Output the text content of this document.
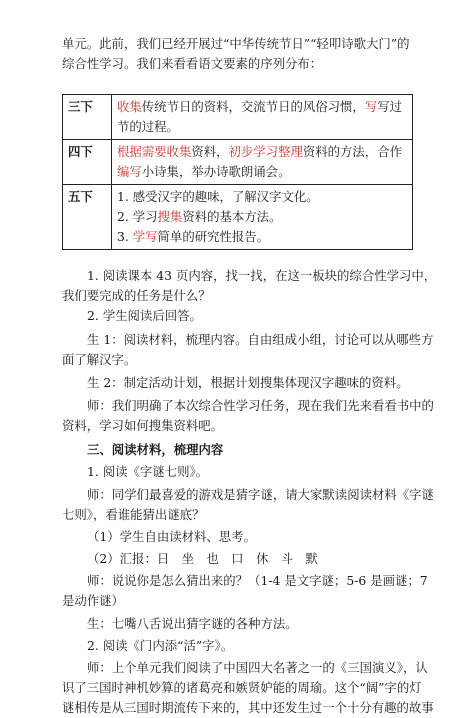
单元。此前，我们已经开展过“中华传统节日”“轻叩诗歌大门”的
综合性学习。我们来看看语文要素的序列分布：
三下	收集传统节日的资料，交流节日的风俗习惯，写写过节的过程。
四下	根据需要收集资料，初步学习整理资料的方法，合作编写小诗集，举办诗歌朗诵会。
五下	1. 感受汉字的趣味，了解汉字文化。
2. 学习搜集资料的基本方法。
3. 学写简单的研究性报告。
1. 阅读课本 43 页内容，找一找，在这一板块的综合性学习中，
我们要完成的任务是什么？
2. 学生阅读后回答。
生 1：阅读材料，梳理内容。自由组成小组，讨论可以从哪些方
面了解汉字。
生 2：制定活动计划，根据计划搜集体现汉字趣味的资料。
师：我们明确了本次综合性学习任务，现在我们先来看看书中的
资料，学习如何搜集资料吧。
三、阅读材料，梳理内容
1. 阅读《字谜七则》。
师：同学们最喜爱的游戏是猜字谜，请大家默读阅读材料《字谜
七则》，看谁能猜出谜底？
（1）学生自由读材料、思考。
（2）汇报：日　坐　也　口　休　斗　默
师：说说你是怎么猜出来的？（1-4 是文字谜；5-6 是画谜；7
是动作谜）
生：七嘴八舌说出猜字谜的各种方法。
2. 阅读《门内添“活”字》。
师：上个单元我们阅读了中国四大名著之一的《三国演义》，认
识了三国时神机妙算的诸葛亮和嫉贤妒能的周瑜。这个“阔”字的灯
谜相传是从三国时期流传下来的，其中还发生过一个十分有趣的故事
